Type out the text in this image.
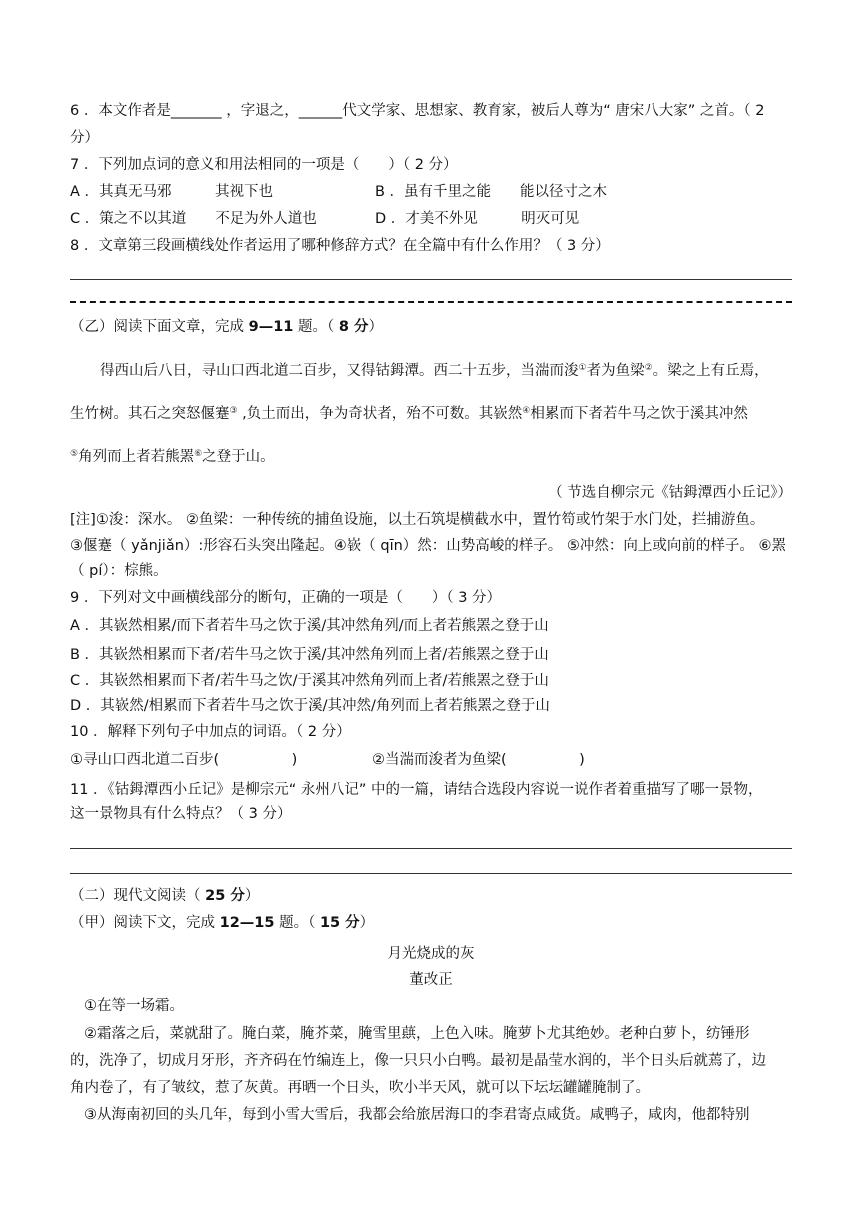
6 ．本文作者是_______ ，字退之，______代文学家、思想家、教育家，被后人尊为“ 唐宋八大家” 之首。（ 2
分）
7 ．下列加点词的意义和用法相同的一项是（　　）（ 2 分）
A ．其真无马邪　　　其视下也	B ．虽有千里之能　　能以径寸之木
C ．策之不以其道　　不足为外人道也	D ．才美不外见　　　明灭可见
8 ．文章第三段画横线处作者运用了哪种修辞方式？在全篇中有什么作用？（ 3 分）
（乙）阅读下面文章，完成 9—11 题。（ 8 分）
得西山后八日，寻山口西北道二百步，又得钴鉧潭。西二十五步，当湍而浚①者为鱼梁②。梁之上有丘焉，
生竹树。其石之突怒偃蹇③ ,负土而出，争为奇状者，殆不可数。其嵚然④相累而下者若牛马之饮于溪其冲然
⑤角列而上者若熊罴⑥之登于山。
（ 节选自柳宗元《钴鉧潭西小丘记》）
[注]①浚：深水。 ②鱼梁：一种传统的捕鱼设施，以土石筑堤横截水中，置竹笱或竹架于水门处，拦捕游鱼。
③偃蹇（ yǎnjiǎn）:形容石头突出隆起。④嵚（ qīn）然：山势高峻的样子。 ⑤冲然：向上或向前的样子。 ⑥罴
（ pí）：棕熊。
9 ．下列对文中画横线部分的断句，正确的一项是（　　）（ 3 分）
A ．其嵚然相累/而下者若牛马之饮于溪/其冲然角列/而上者若熊罴之登于山
B ．其嵚然相累而下者/若牛马之饮于溪/其冲然角列而上者/若熊罴之登于山
C ．其嵚然相累而下者/若牛马之饮/于溪其冲然角列而上者/若熊罴之登于山
D ．其嵚然/相累而下者若牛马之饮于溪/其冲然/角列而上者若熊罴之登于山
10 ．解释下列句子中加点的词语。（ 2 分）
①寻山口西北道二百步(　　　　　)	②当湍而浚者为鱼梁(　　　　　)
11 ．《钴鉧潭西小丘记》是柳宗元“ 永州八记” 中的一篇，请结合选段内容说一说作者着重描写了哪一景物，
这一景物具有什么特点？（ 3 分）
（二）现代文阅读（ 25 分）
（甲）阅读下文，完成 12—15 题。（ 15 分）
月光烧成的灰
董改正
①在等一场霜。
②霜落之后，菜就甜了。腌白菜，腌芥菜，腌雪里蕻，上色入味。腌萝卜尤其绝妙。老种白萝卜，纺锤形
的，洗净了，切成月牙形，齐齐码在竹编连上，像一只只小白鸭。最初是晶莹水润的，半个日头后就蔫了，边
角内卷了，有了皱纹，惹了灰黄。再晒一个日头，吹小半天风，就可以下坛坛罐罐腌制了。
③从海南初回的头几年，每到小雪大雪后，我都会给旅居海口的李君寄点咸货。咸鸭子，咸肉，他都特别
